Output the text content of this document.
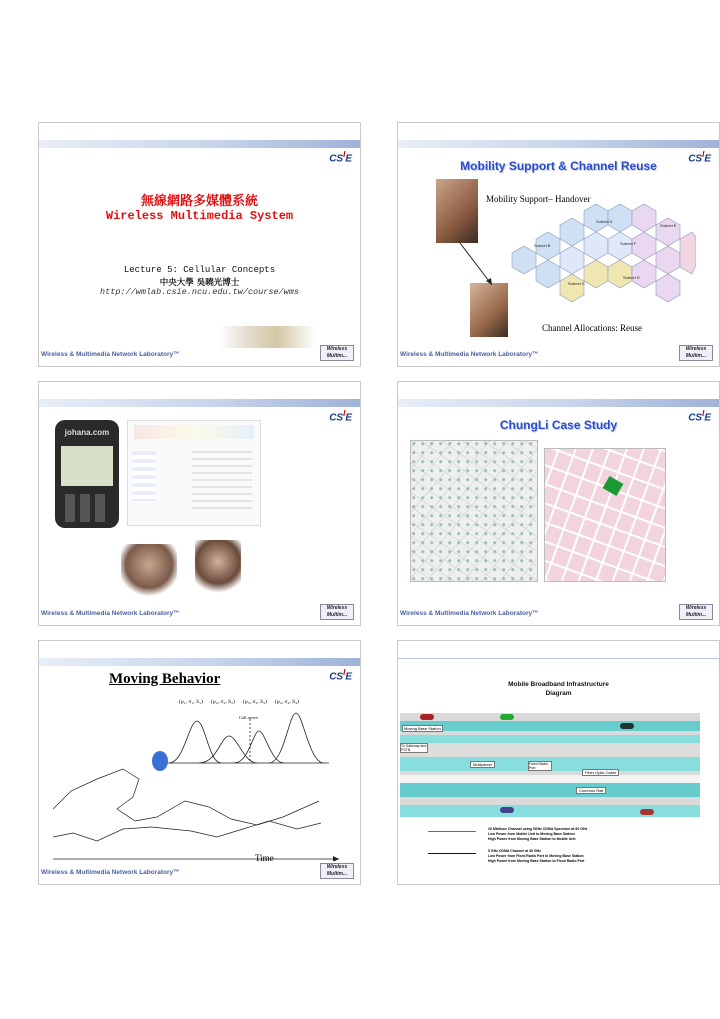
$CS^IE$
無線網路多媒體系統
Wireless Multimedia System
Lecture 5: Cellular Concepts
中央大學 吳曉光博士
http://wmlab.csie.ncu.edu.tw/course/wms
Wireless & Multimedia Network Laboratory™
Wireless
Multim...
$CS^IE$
Mobility Support & Channel Reuse
Mobility Support– Handover
Channel Allocations: Reuse
Subnet A
Subnet B
Subnet C
Subnet D
Subnet E
Subnet F
Wireless & Multimedia Network Laboratory™
Wireless
Multim...
$CS^IE$
johana.com
Wireless & Multimedia Network Laboratory™
Wireless
Multim...
$CS^IE$
ChungLi Case Study
Wireless & Multimedia Network Laboratory™
Wireless
Multim...
$CS^IE$
Moving Behavior
(μ₁, σ₁, S₁) (μ₂, σ₂, S₂) (μ₃, σ₃, S₃) (μ₄, σ₄, S₄)
Call arrive
Time
Wireless & Multimedia Network Laboratory™
Wireless
Multim...
Mobile Broadband Infrastructure
Diagram
Moving Base Station
To Gateway and PSTN
Multiplexer	Fixed Radio Port
Fiber Optic Cable
Common Rail
20 Mbit/sec Channel using 5GHz CDMA Spectrum at 60 GHz
Low Power from Mobile Unit to Moving Base Station
High Power from Moving Base Station to Mobile Unit
5 GHz CDMA Channel at 40 GHz
Low Power from Fixed Radio Port to Moving Base Station
High Power from Moving Base Station to Fixed Radio Port
